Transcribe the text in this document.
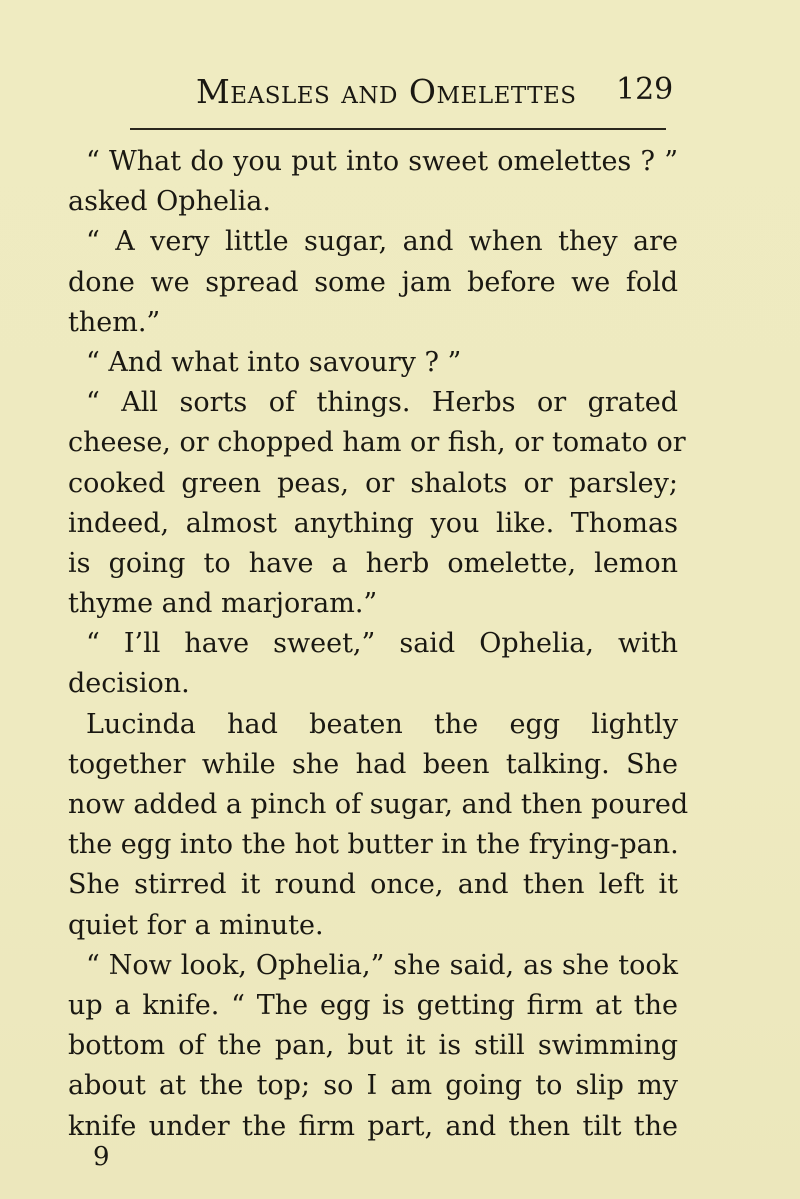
Measles and Omelettes	129
“ What do you put into sweet omelettes ? ”
asked Ophelia.
“ A very little sugar, and when they are
done we spread some jam before we fold
them.”
“ And what into savoury ? ”
“ All sorts of things. Herbs or grated
cheese, or chopped ham or fish, or tomato or
cooked green peas, or shalots or parsley;
indeed, almost anything you like. Thomas
is going to have a herb omelette, lemon
thyme and marjoram.”
“ I’ll have sweet,” said Ophelia, with
decision.
Lucinda had beaten the egg lightly
together while she had been talking. She
now added a pinch of sugar, and then poured
the egg into the hot butter in the frying-pan.
She stirred it round once, and then left it
quiet for a minute.
“ Now look, Ophelia,” she said, as she took
up a knife. “ The egg is getting firm at the
bottom of the pan, but it is still swimming
about at the top; so I am going to slip my
knife under the firm part, and then tilt the
9
